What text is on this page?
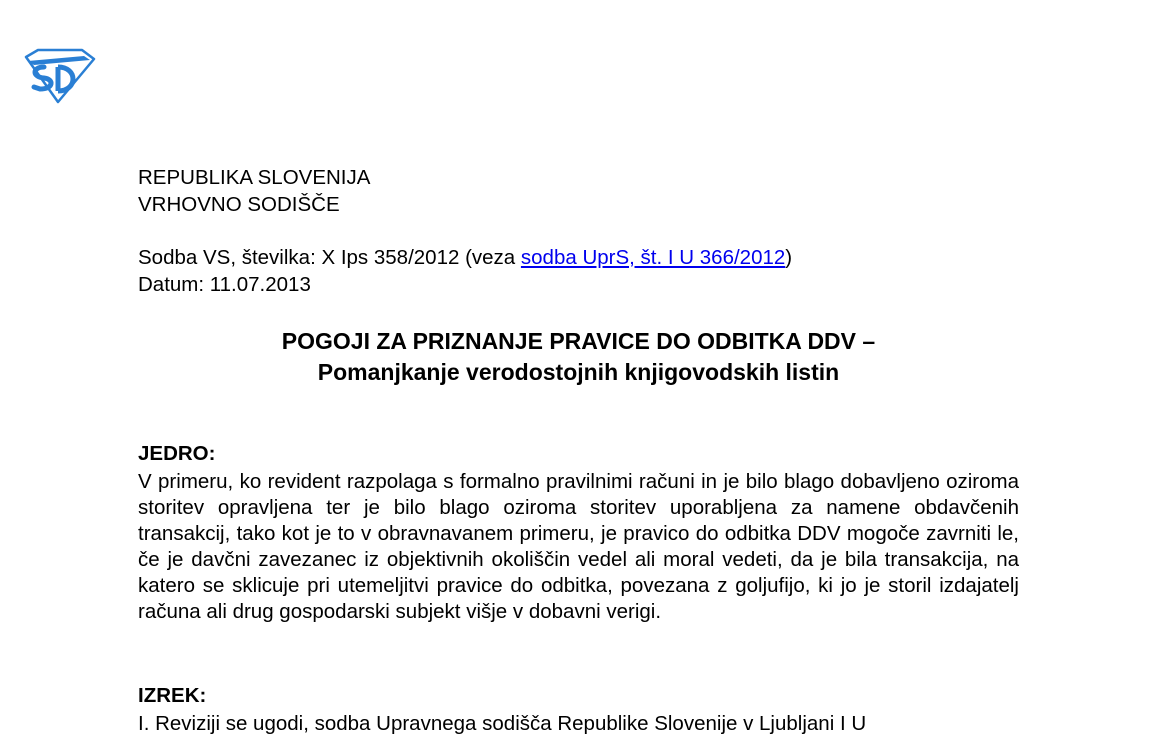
REPUBLIKA SLOVENIJA
VRHOVNO SODIŠČE
Sodba VS, številka: X Ips 358/2012 (veza sodba UprS, št. I U 366/2012)
Datum: 11.07.2013
POGOJI ZA PRIZNANJE PRAVICE DO ODBITKA DDV –
Pomanjkanje verodostojnih knjigovodskih listin
JEDRO:
V primeru, ko revident razpolaga s formalno pravilnimi računi in je bilo blago dobavljeno oziroma storitev opravljena ter je bilo blago oziroma storitev uporabljena za namene obdavčenih transakcij, tako kot je to v obravnavanem primeru, je pravico do odbitka DDV mogoče zavrniti le, če je davčni zavezanec iz objektivnih okoliščin vedel ali moral vedeti, da je bila transakcija, na katero se sklicuje pri utemeljitvi pravice do odbitka, povezana z goljufijo, ki jo je storil izdajatelj računa ali drug gospodarski subjekt višje v dobavni verigi.
IZREK:
I. Reviziji se ugodi, sodba Upravnega sodišča Republike Slovenije v Ljubljani I U
